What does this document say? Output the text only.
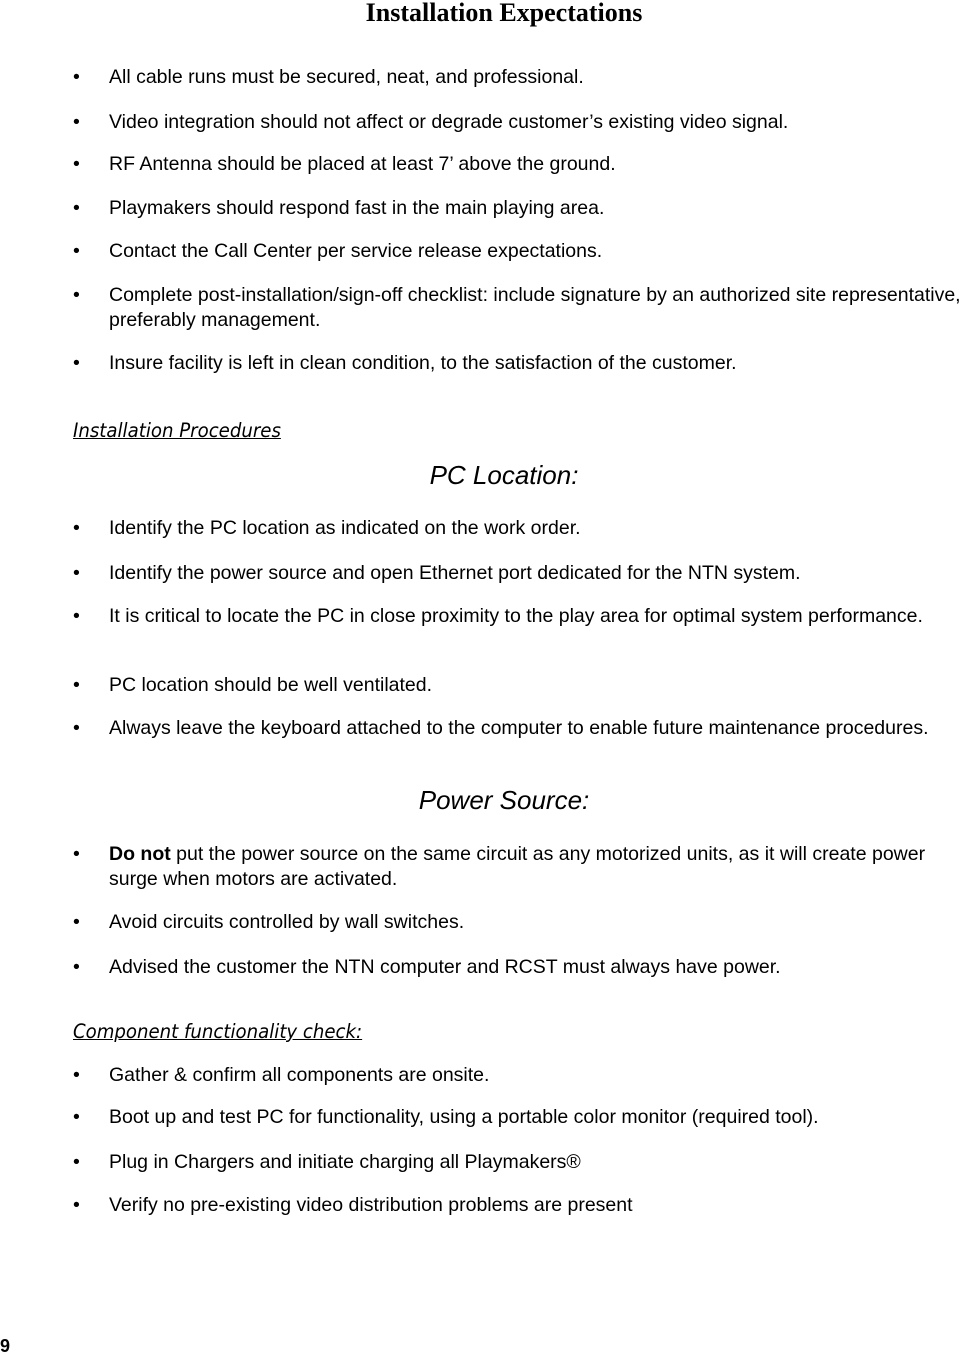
Installation Expectations
•	All cable runs must be secured, neat, and professional.
•	Video integration should not affect or degrade customer’s existing video signal.
•	RF Antenna should be placed at least 7’ above the ground.
•	Playmakers should respond fast in the main playing area.
•	Contact the Call Center per service release expectations.
•	Complete post-installation/sign-off checklist: include signature by an authorized site representative, preferably management.
•	Insure facility is left in clean condition, to the satisfaction of the customer.
Installation Procedures
PC Location:
•	Identify the PC location as indicated on the work order.
•	Identify the power source and open Ethernet port dedicated for the NTN system.
•	It is critical to locate the PC in close proximity to the play area for optimal system performance.
•	PC location should be well ventilated.
•	Always leave the keyboard attached to the computer to enable future maintenance procedures.
Power Source:
•	Do not put the power source on the same circuit as any motorized units, as it will create power surge when motors are activated.
•	Avoid circuits controlled by wall switches.
•	Advised the customer the NTN computer and RCST must always have power.
Component functionality check:
•	Gather & confirm all components are onsite.
•	Boot up and test PC for functionality, using a portable color monitor (required tool).
•	Plug in Chargers and initiate charging all Playmakers®
•	Verify no pre-existing video distribution problems are present
9
